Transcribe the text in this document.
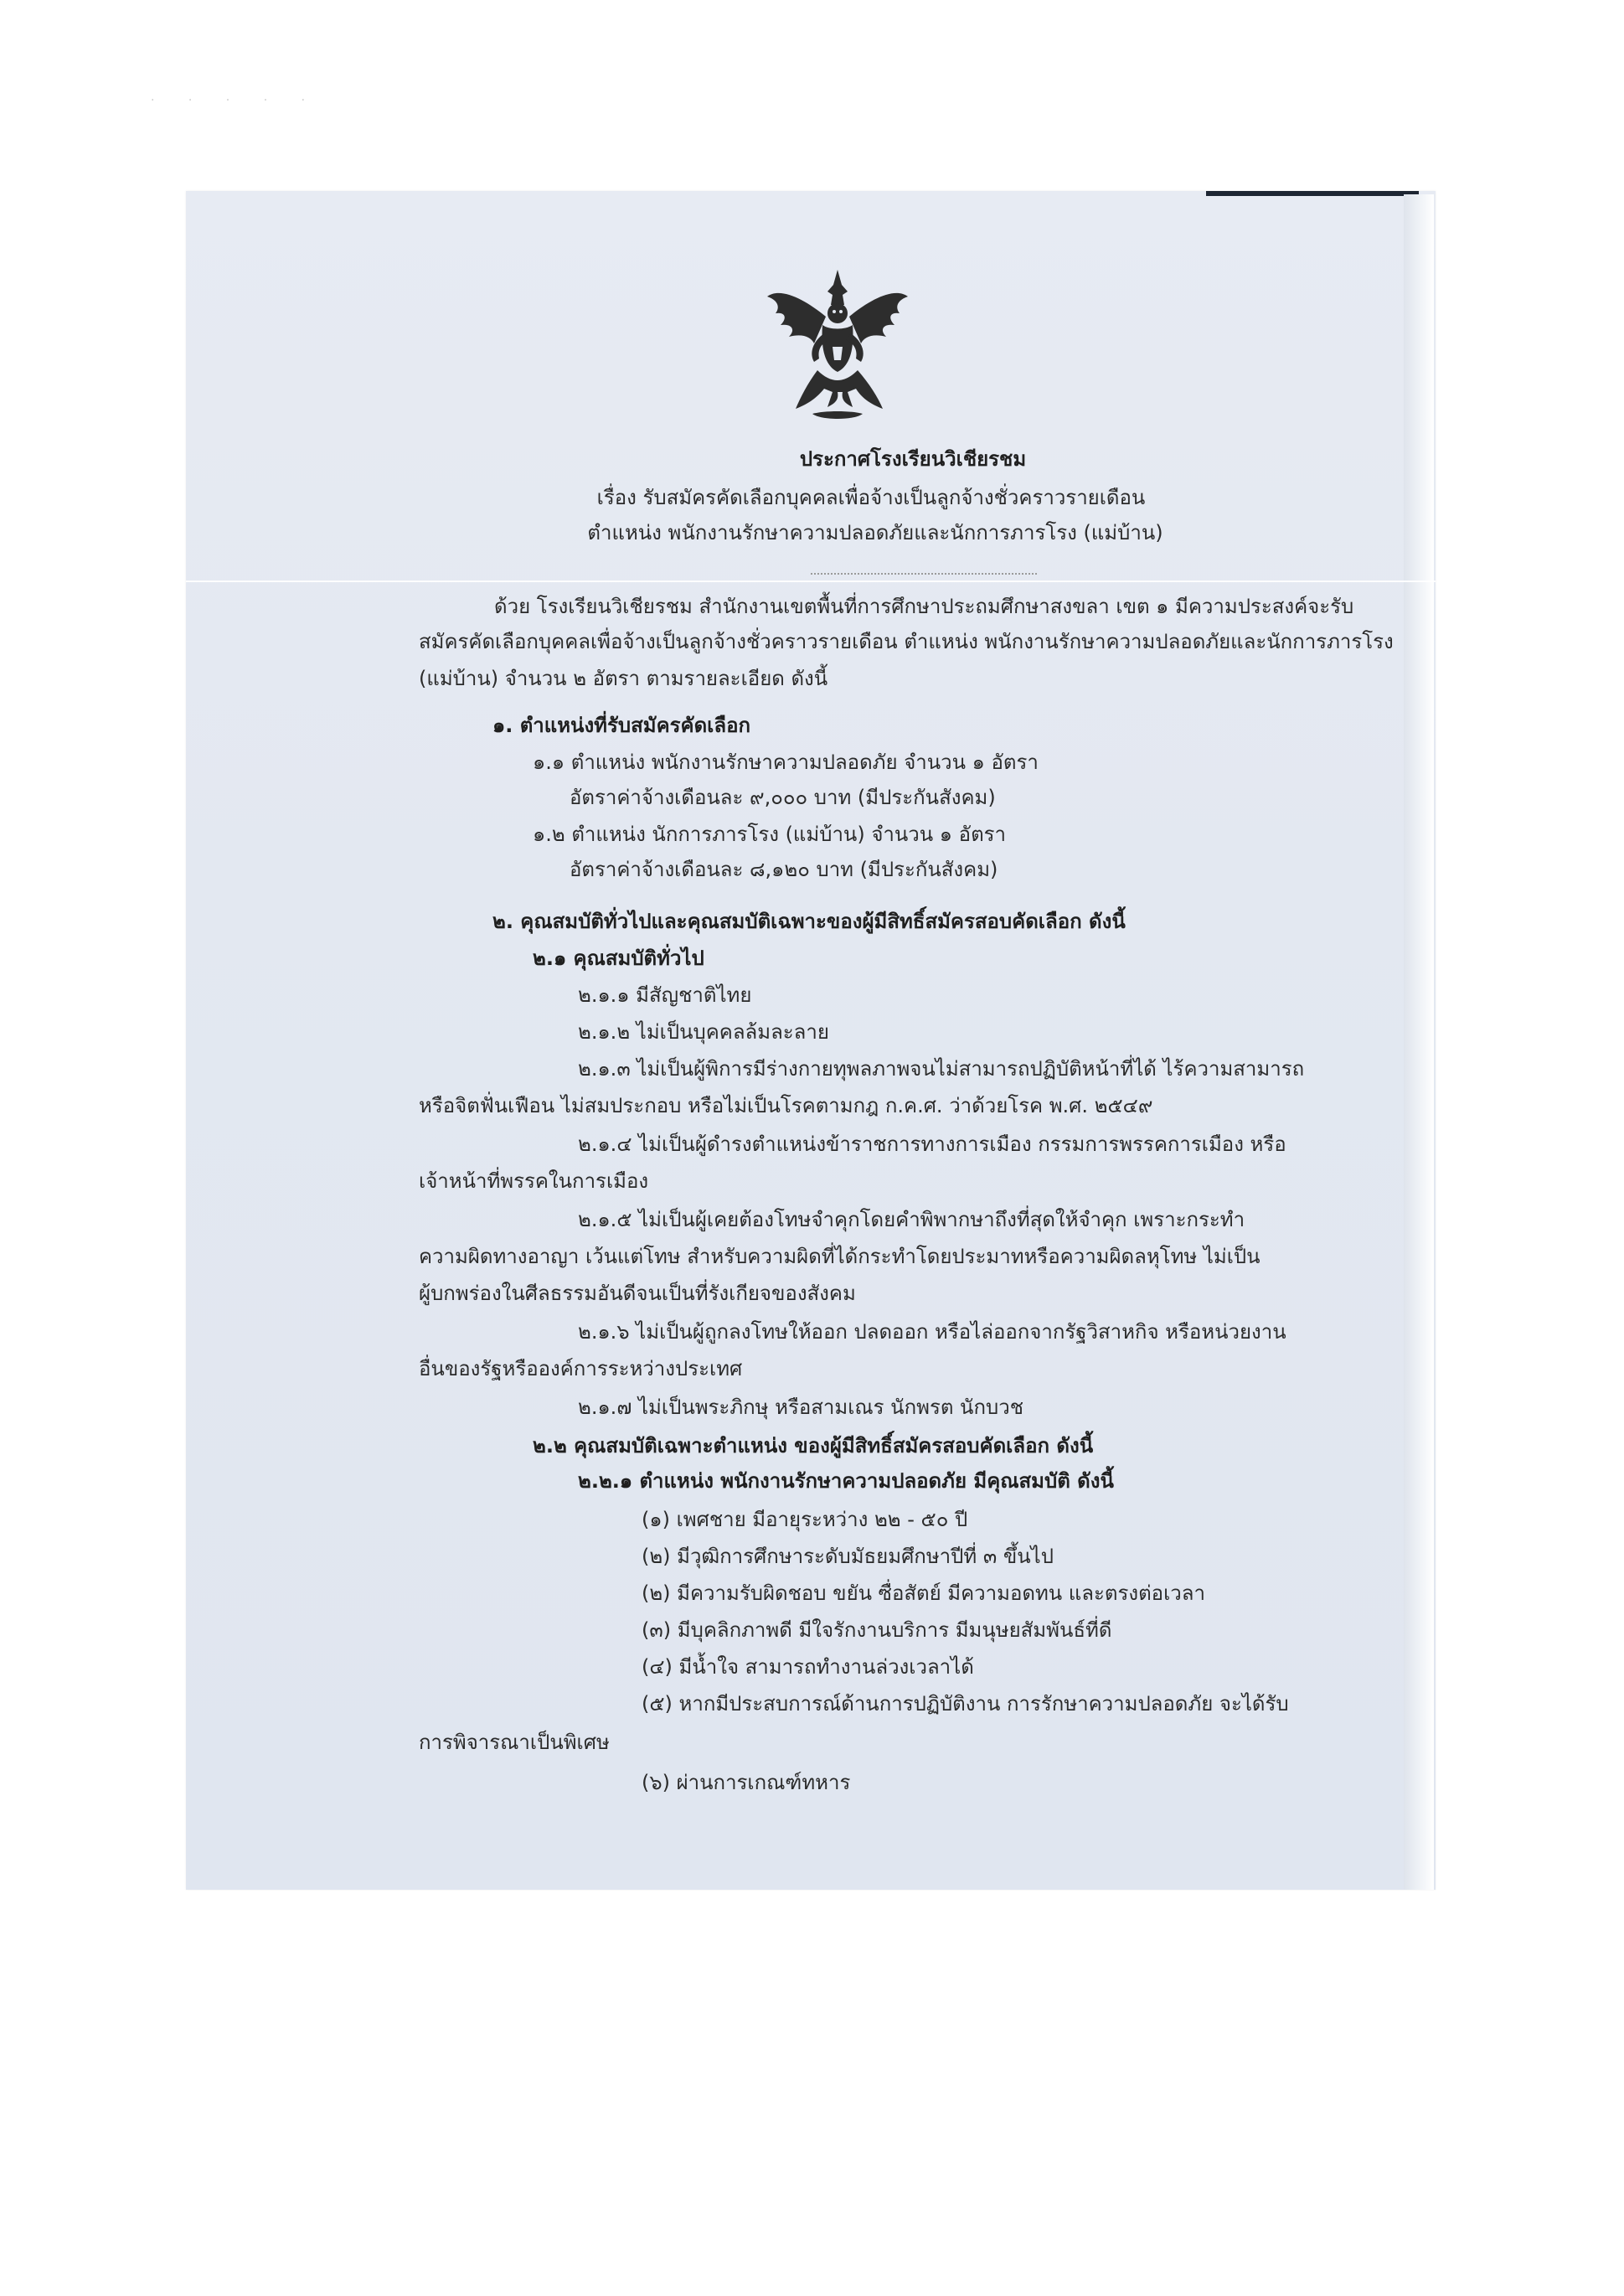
· · · · ·
ประกาศโรงเรียนวิเชียรชม
เรื่อง รับสมัครคัดเลือกบุคคลเพื่อจ้างเป็นลูกจ้างชั่วคราวรายเดือน
ตำแหน่ง พนักงานรักษาความปลอดภัยและนักการภารโรง (แม่บ้าน)
ด้วย โรงเรียนวิเชียรชม สำนักงานเขตพื้นที่การศึกษาประถมศึกษาสงขลา เขต ๑ มีความประสงค์จะรับ
สมัครคัดเลือกบุคคลเพื่อจ้างเป็นลูกจ้างชั่วคราวรายเดือน ตำแหน่ง พนักงานรักษาความปลอดภัยและนักการภารโรง
(แม่บ้าน) จำนวน ๒ อัตรา ตามรายละเอียด ดังนี้
๑. ตำแหน่งที่รับสมัครคัดเลือก
๑.๑ ตำแหน่ง พนักงานรักษาความปลอดภัย จำนวน ๑ อัตรา
อัตราค่าจ้างเดือนละ ๙,๐๐๐ บาท (มีประกันสังคม)
๑.๒ ตำแหน่ง นักการภารโรง (แม่บ้าน) จำนวน ๑ อัตรา
อัตราค่าจ้างเดือนละ ๘,๑๒๐ บาท (มีประกันสังคม)
๒. คุณสมบัติทั่วไปและคุณสมบัติเฉพาะของผู้มีสิทธิ์สมัครสอบคัดเลือก ดังนี้
๒.๑ คุณสมบัติทั่วไป
๒.๑.๑ มีสัญชาติไทย
๒.๑.๒ ไม่เป็นบุคคลล้มละลาย
๒.๑.๓ ไม่เป็นผู้พิการมีร่างกายทุพลภาพจนไม่สามารถปฏิบัติหน้าที่ได้ ไร้ความสามารถ
หรือจิตฟั่นเฟือน ไม่สมประกอบ หรือไม่เป็นโรคตามกฎ ก.ค.ศ. ว่าด้วยโรค พ.ศ. ๒๕๔๙
๒.๑.๔ ไม่เป็นผู้ดำรงตำแหน่งข้าราชการทางการเมือง กรรมการพรรคการเมือง หรือ
เจ้าหน้าที่พรรคในการเมือง
๒.๑.๕ ไม่เป็นผู้เคยต้องโทษจำคุกโดยคำพิพากษาถึงที่สุดให้จำคุก เพราะกระทำ
ความผิดทางอาญา เว้นแต่โทษ สำหรับความผิดที่ได้กระทำโดยประมาทหรือความผิดลหุโทษ ไม่เป็น
ผู้บกพร่องในศีลธรรมอันดีจนเป็นที่รังเกียจของสังคม
๒.๑.๖ ไม่เป็นผู้ถูกลงโทษให้ออก ปลดออก หรือไล่ออกจากรัฐวิสาหกิจ หรือหน่วยงาน
อื่นของรัฐหรือองค์การระหว่างประเทศ
๒.๑.๗ ไม่เป็นพระภิกษุ หรือสามเณร นักพรต นักบวช
๒.๒ คุณสมบัติเฉพาะตำแหน่ง ของผู้มีสิทธิ์สมัครสอบคัดเลือก ดังนี้
๒.๒.๑ ตำแหน่ง พนักงานรักษาความปลอดภัย มีคุณสมบัติ ดังนี้
(๑) เพศชาย มีอายุระหว่าง ๒๒ - ๕๐ ปี
(๒) มีวุฒิการศึกษาระดับมัธยมศึกษาปีที่ ๓ ขึ้นไป
(๒) มีความรับผิดชอบ ขยัน ซื่อสัตย์ มีความอดทน และตรงต่อเวลา
(๓) มีบุคลิกภาพดี มีใจรักงานบริการ มีมนุษยสัมพันธ์ที่ดี
(๔) มีน้ำใจ สามารถทำงานล่วงเวลาได้
(๕) หากมีประสบการณ์ด้านการปฏิบัติงาน การรักษาความปลอดภัย จะได้รับ
การพิจารณาเป็นพิเศษ
(๖) ผ่านการเกณฑ์ทหาร
